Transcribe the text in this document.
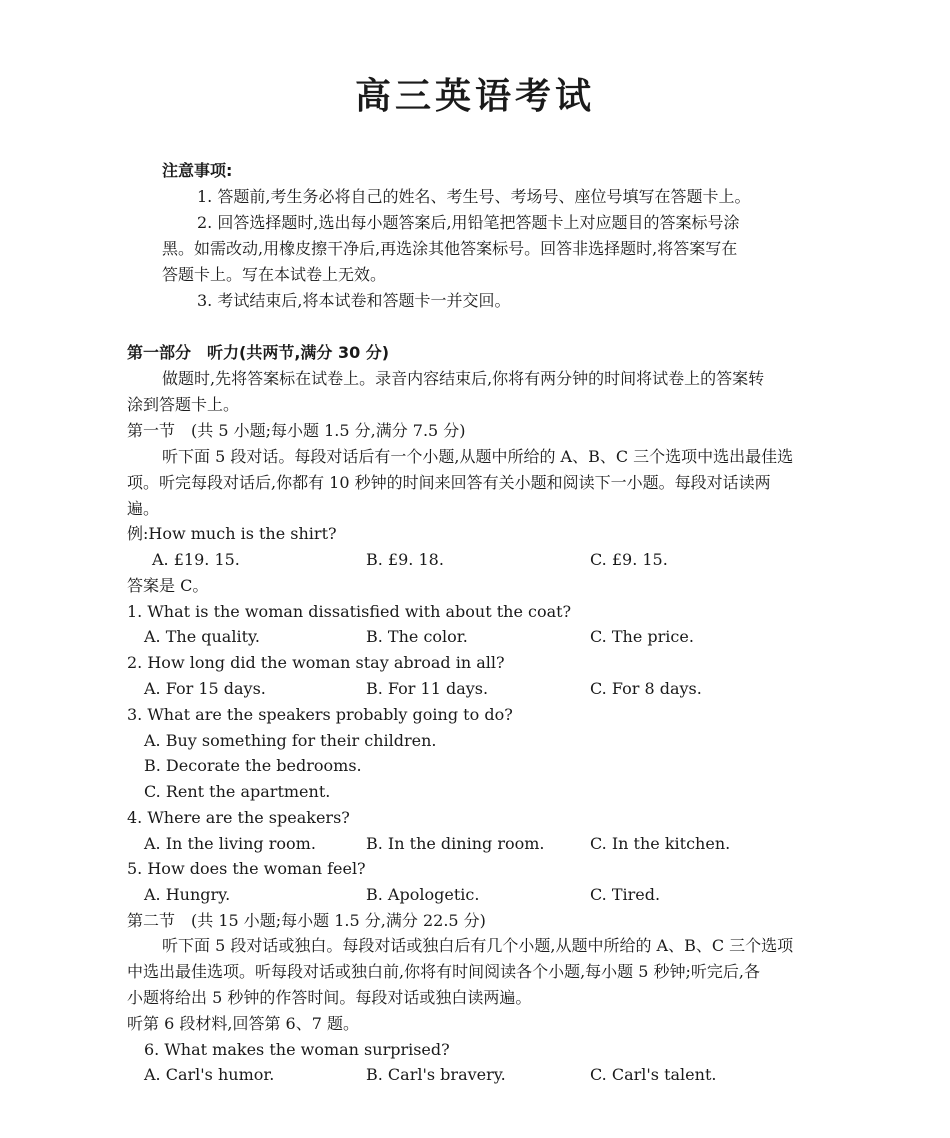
高三英语考试
注意事项:
1. 答题前,考生务必将自己的姓名、考生号、考场号、座位号填写在答题卡上。
2. 回答选择题时,选出每小题答案后,用铅笔把答题卡上对应题目的答案标号涂
黑。如需改动,用橡皮擦干净后,再选涂其他答案标号。回答非选择题时,将答案写在
答题卡上。写在本试卷上无效。
3. 考试结束后,将本试卷和答题卡一并交回。
第一部分　听力(共两节,满分 30 分)
做题时,先将答案标在试卷上。录音内容结束后,你将有两分钟的时间将试卷上的答案转
涂到答题卡上。
第一节　(共 5 小题;每小题 1.5 分,满分 7.5 分)
听下面 5 段对话。每段对话后有一个小题,从题中所给的 A、B、C 三个选项中选出最佳选
项。听完每段对话后,你都有 10 秒钟的时间来回答有关小题和阅读下一小题。每段对话读两
遍。
例:How much is the shirt?
A. £19. 15.	B. £9. 18.	C. £9. 15.
答案是 C。
1. What is the woman dissatisfied with about the coat?
A. The quality.	B. The color.	C. The price.
2. How long did the woman stay abroad in all?
A. For 15 days.	B. For 11 days.	C. For 8 days.
3. What are the speakers probably going to do?
A. Buy something for their children.
B. Decorate the bedrooms.
C. Rent the apartment.
4. Where are the speakers?
A. In the living room.	B. In the dining room.	C. In the kitchen.
5. How does the woman feel?
A. Hungry.	B. Apologetic.	C. Tired.
第二节　(共 15 小题;每小题 1.5 分,满分 22.5 分)
听下面 5 段对话或独白。每段对话或独白后有几个小题,从题中所给的 A、B、C 三个选项
中选出最佳选项。听每段对话或独白前,你将有时间阅读各个小题,每小题 5 秒钟;听完后,各
小题将给出 5 秒钟的作答时间。每段对话或独白读两遍。
听第 6 段材料,回答第 6、7 题。
6. What makes the woman surprised?
A. Carl's humor.	B. Carl's bravery.	C. Carl's talent.
